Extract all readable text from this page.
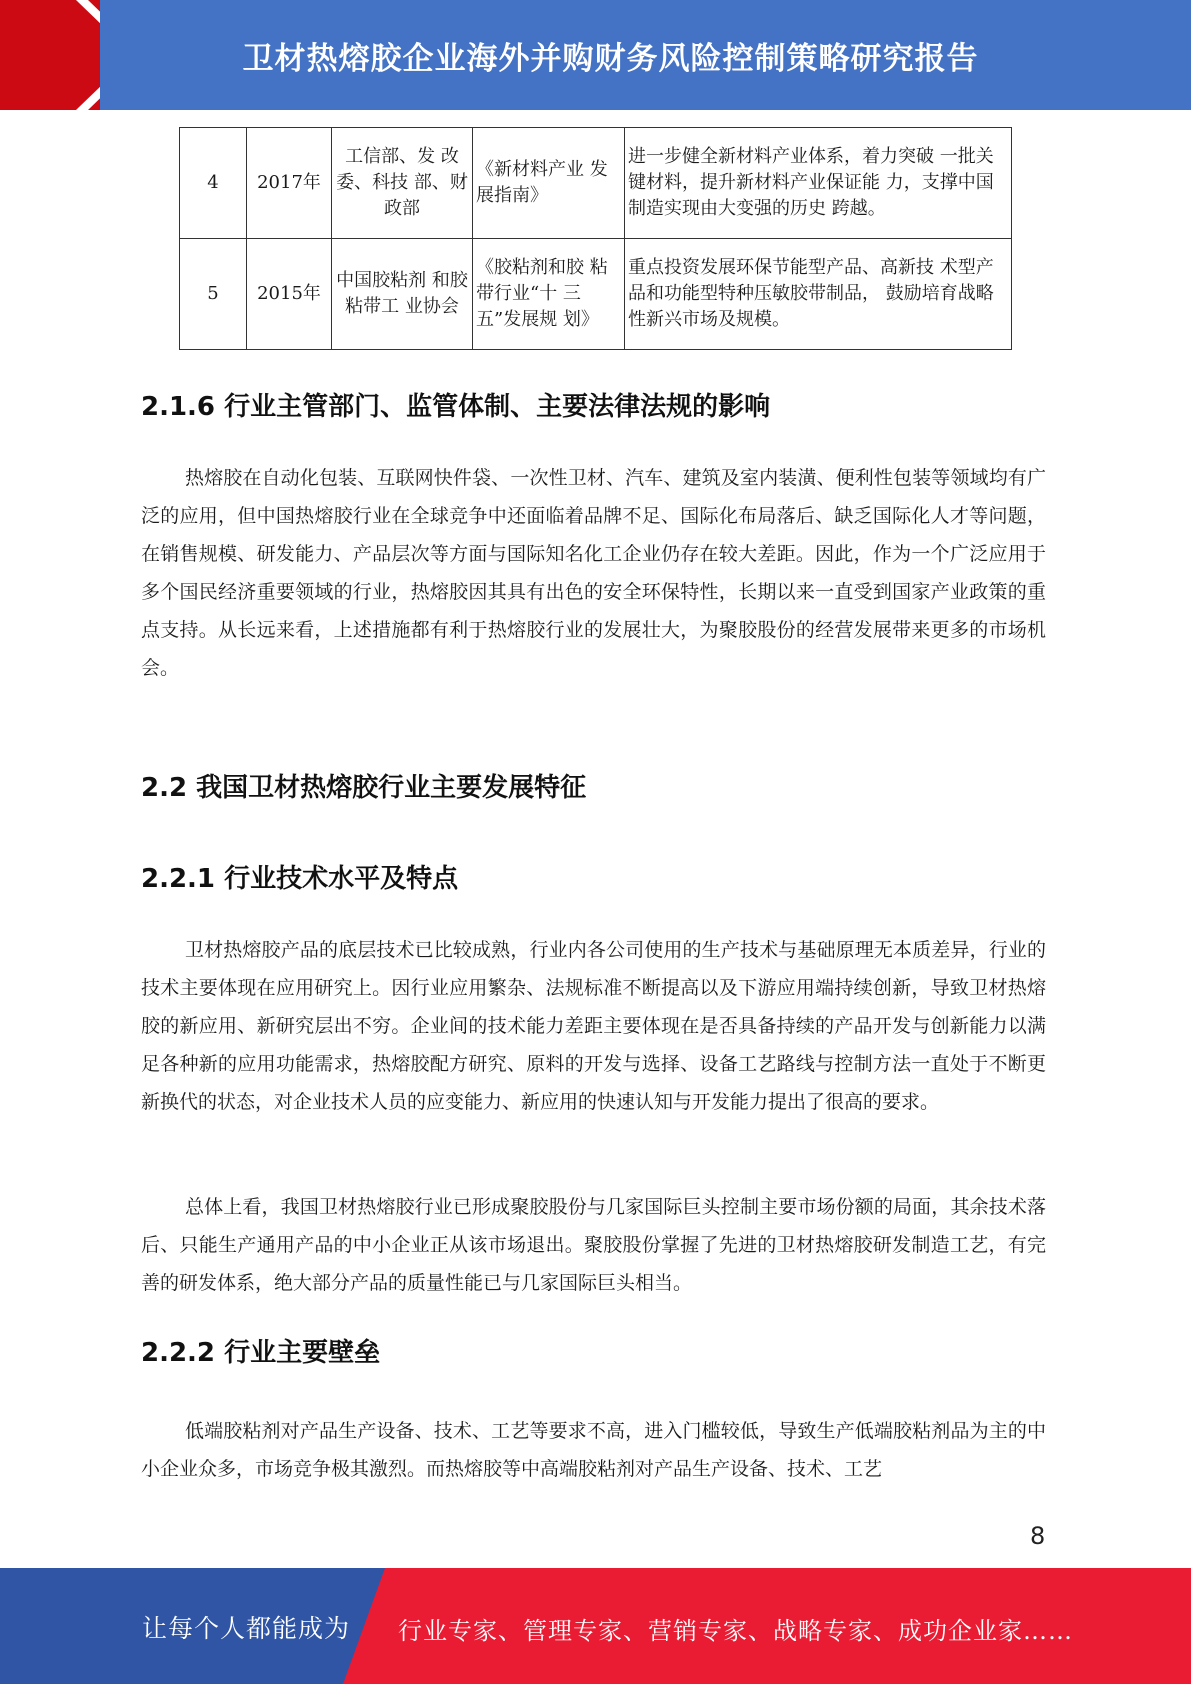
卫材热熔胶企业海外并购财务风险控制策略研究报告
4	2017年	工信部、发 改委、科技 部、财政部	《新材料产业 发展指南》	进一步健全新材料产业体系，着力突破 一批关键材料，提升新材料产业保证能 力，支撑中国制造实现由大变强的历史 跨越。
5	2015年	中国胶粘剂 和胶粘带工 业协会	《胶粘剂和胶 粘带行业“十 三五”发展规 划》	重点投资发展环保节能型产品、高新技 术型产品和功能型特种压敏胶带制品， 鼓励培育战略性新兴市场及规模。
2.1.6 行业主管部门、监管体制、主要法律法规的影响

热熔胶在自动化包装、互联网快件袋、一次性卫材、汽车、建筑及室内装潢、便利性包装等领域均有广泛的应用，但中国热熔胶行业在全球竞争中还面临着品牌不足、国际化布局落后、缺乏国际化人才等问题，在销售规模、研发能力、产品层次等方面与国际知名化工企业仍存在较大差距。因此，作为一个广泛应用于多个国民经济重要领域的行业，热熔胶因其具有出色的安全环保特性，长期以来一直受到国家产业政策的重点支持。从长远来看，上述措施都有利于热熔胶行业的发展壮大，为聚胶股份的经营发展带来更多的市场机会。

2.2 我国卫材热熔胶行业主要发展特征
2.2.1 行业技术水平及特点

卫材热熔胶产品的底层技术已比较成熟，行业内各公司使用的生产技术与基础原理无本质差异，行业的技术主要体现在应用研究上。因行业应用繁杂、法规标准不断提高以及下游应用端持续创新，导致卫材热熔胶的新应用、新研究层出不穷。企业间的技术能力差距主要体现在是否具备持续的产品开发与创新能力以满足各种新的应用功能需求，热熔胶配方研究、原料的开发与选择、设备工艺路线与控制方法一直处于不断更新换代的状态，对企业技术人员的应变能力、新应用的快速认知与开发能力提出了很高的要求。

总体上看，我国卫材热熔胶行业已形成聚胶股份与几家国际巨头控制主要市场份额的局面，其余技术落后、只能生产通用产品的中小企业正从该市场退出。聚胶股份掌握了先进的卫材热熔胶研发制造工艺，有完善的研发体系，绝大部分产品的质量性能已与几家国际巨头相当。

2.2.2 行业主要壁垒

低端胶粘剂对产品生产设备、技术、工艺等要求不高，进入门槛较低，导致生产低端胶粘剂品为主的中小企业众多，市场竞争极其激烈。而热熔胶等中高端胶粘剂对产品生产设备、技术、工艺

8
让每个人都能成为 行业专家、管理专家、营销专家、战略专家、成功企业家……
